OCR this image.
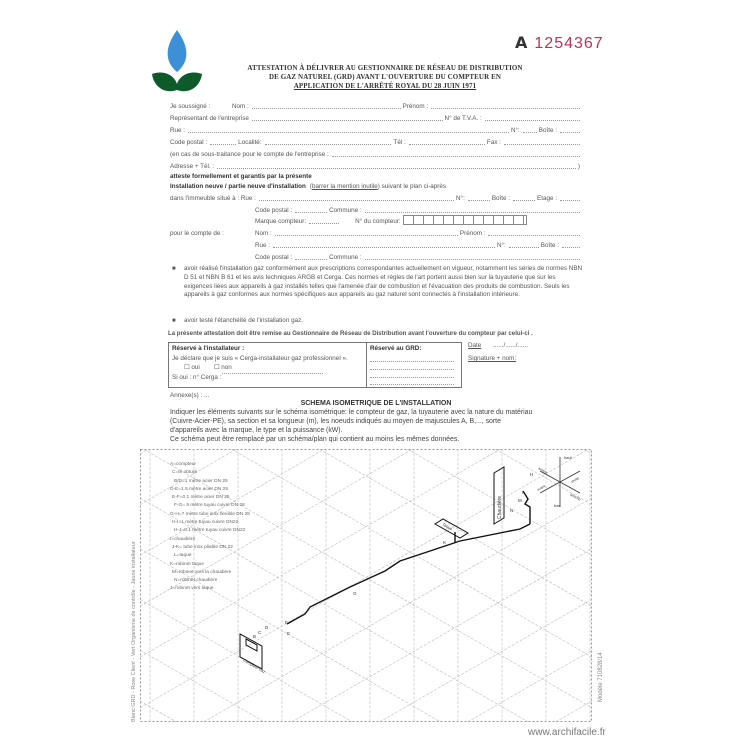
A 1254367
ATTESTATION À DÉLIVRER AU GESTIONNAIRE DE RÉSEAU DE DISTRIBUTION
DE GAZ NATUREL (GRD) AVANT L'OUVERTURE DU COMPTEUR EN
APPLICATION DE L'ARRÊTÉ ROYAL DU 28 JUIN 1971
Je soussigné :	Nom :	Prénom :
Représentant de l'entreprise	N° de T.V.A. :
Rue :	N°:	Boîte :
Code postal :	Localité:	Tél :	Fax :
(en cas de sous-traitance pour le compte de l'entreprise :
Adresse + Tél. :	)
atteste formellement et garantis par la présente
Installation neuve / partie neuve d'installation ( barrer la mention inutile ) suivant le plan ci-après
dans l'immeuble situé à : Rue :	N°:	Boîte :	Etage :
Code postal :	Commune :
Marque compteur:	N° du compteur:
pour le compte de :	Nom :	Prénom :
Rue :	N°:	Boîte :
Code postal :	Commune :
■ avoir réalisé l'installation gaz conformément aux prescriptions correspondantes actuellement en vigueur, notamment les séries de normes NBN D 51 et NBN B 61 et les avis techniques ARGB et Cerga. Ces normes et règles de l'art portent aussi bien sur la tuyauterie que sur les exigences liées aux appareils à gaz installés telles que l'amenée d'air de combustion et l'évacuation des produits de combustion. Seuls les appareils à gaz conformes aux normes spécifiques aux appareils au gaz naturel sont connectés à l'installation intérieure.
■ avoir testé l'étanchéité de l'installation gaz.
La présente attestation doit être remise au Gestionnaire de Réseau de Distribution avant l'ouverture du compteur par celui-ci .
Réservé à l'installateur :
Je déclare que je suis « Cerga-installateur gaz professionnel ».
☐ oui ☐ non
Si oui : n° Cerga :
Réservé au GRD:	Date ....../....../......
Signature + nom:
Annexe(s) : ...
SCHEMA ISOMETRIQUE DE L'INSTALLATION
Indiquer les éléments suivants sur le schéma isométrique: le compteur de gaz, la tuyauterie avec la nature du matériau
(Cuivre-Acier-PE), sa section et sa longueur (m), les noeuds indiqués au moyen de majuscules A, B,..., sorte
d'appareils avec la marque, le type et la puissance (kW).
Ce schéma peut être remplacé par un schéma/plan qui contient au moins les mêmes données.
Compteur Gaz
Taque
Chaudière
C
B
D
E
F
G
K
N
M
I
H
haut
bas
arrière
avant
droite
gauche
A=compteur
C=té obturé
B/D=1 mètre acier DN 25
D-E=1.5 mètre acier DN 25
E-F=0.1 mètre acier DN 25
F-G= 5 mètre tuyau cuivre DN 28
G-H=7 mètre tube inox flexible DN 28
H-I=1 mètre tuyau cuivre DN22
H-J=0.1 mètre tuyau cuivre DN22
I=chaudière
J-K= tube inox pliable DN 22
L=taque
K=robinet taque
M=robinet vers la chaudière
N=robinet chaudière
J=robinet vers taque
Blanc GRD - Rose Client - Vert Organisme de contrôle - Jaune installateur	Modèle 710828/14
www.archifacile.fr
